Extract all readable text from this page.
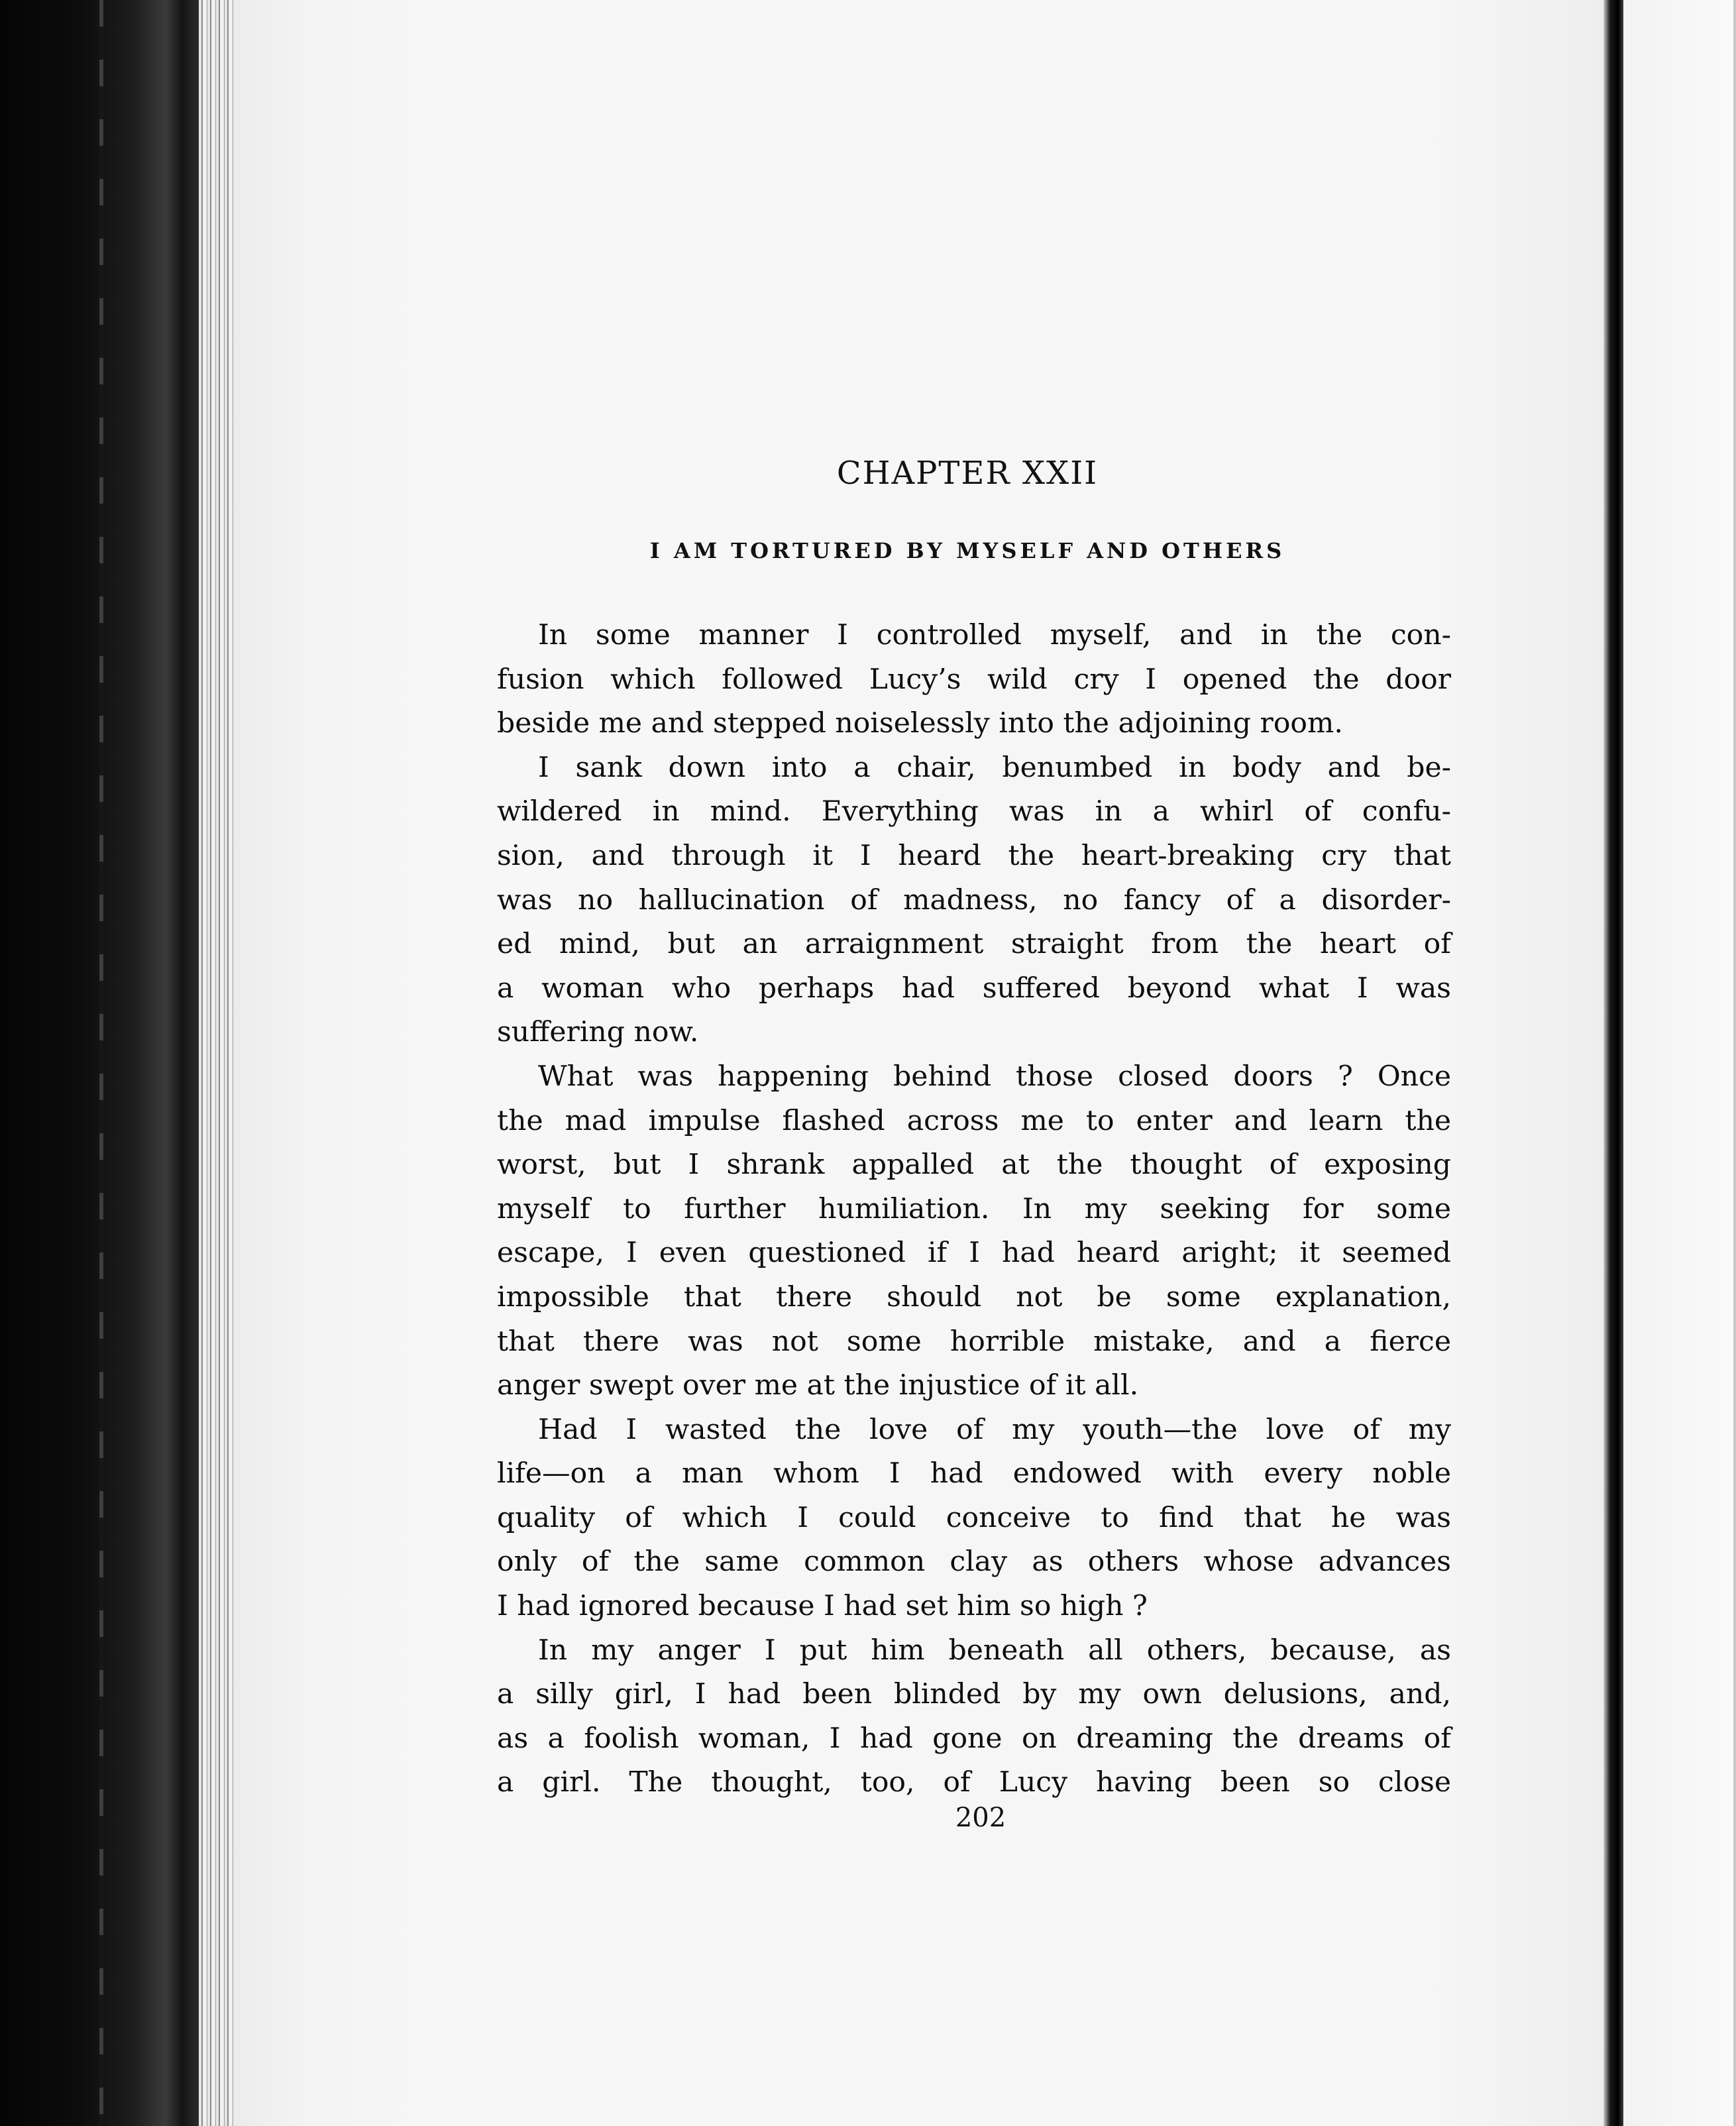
CHAPTER XXII
I AM TORTURED BY MYSELF AND OTHERS

In some manner I controlled myself, and in the con-
fusion which followed Lucy’s wild cry I opened the door
beside me and stepped noiselessly into the adjoining room.

I sank down into a chair, benumbed in body and be-
wildered in mind. Everything was in a whirl of confu-
sion, and through it I heard the heart-breaking cry that
was no hallucination of madness, no fancy of a disorder-
ed mind, but an arraignment straight from the heart of
a woman who perhaps had suffered beyond what I was
suffering now.

What was happening behind those closed doors ? Once
the mad impulse flashed across me to enter and learn the
worst, but I shrank appalled at the thought of exposing
myself to further humiliation. In my seeking for some
escape, I even questioned if I had heard aright; it seemed
impossible that there should not be some explanation,
that there was not some horrible mistake, and a fierce
anger swept over me at the injustice of it all.

Had I wasted the love of my youth—the love of my
life—on a man whom I had endowed with every noble
quality of which I could conceive to find that he was
only of the same common clay as others whose advances
I had ignored because I had set him so high ?

In my anger I put him beneath all others, because, as
a silly girl, I had been blinded by my own delusions, and,
as a foolish woman, I had gone on dreaming the dreams of
a girl. The thought, too, of Lucy having been so close

202
